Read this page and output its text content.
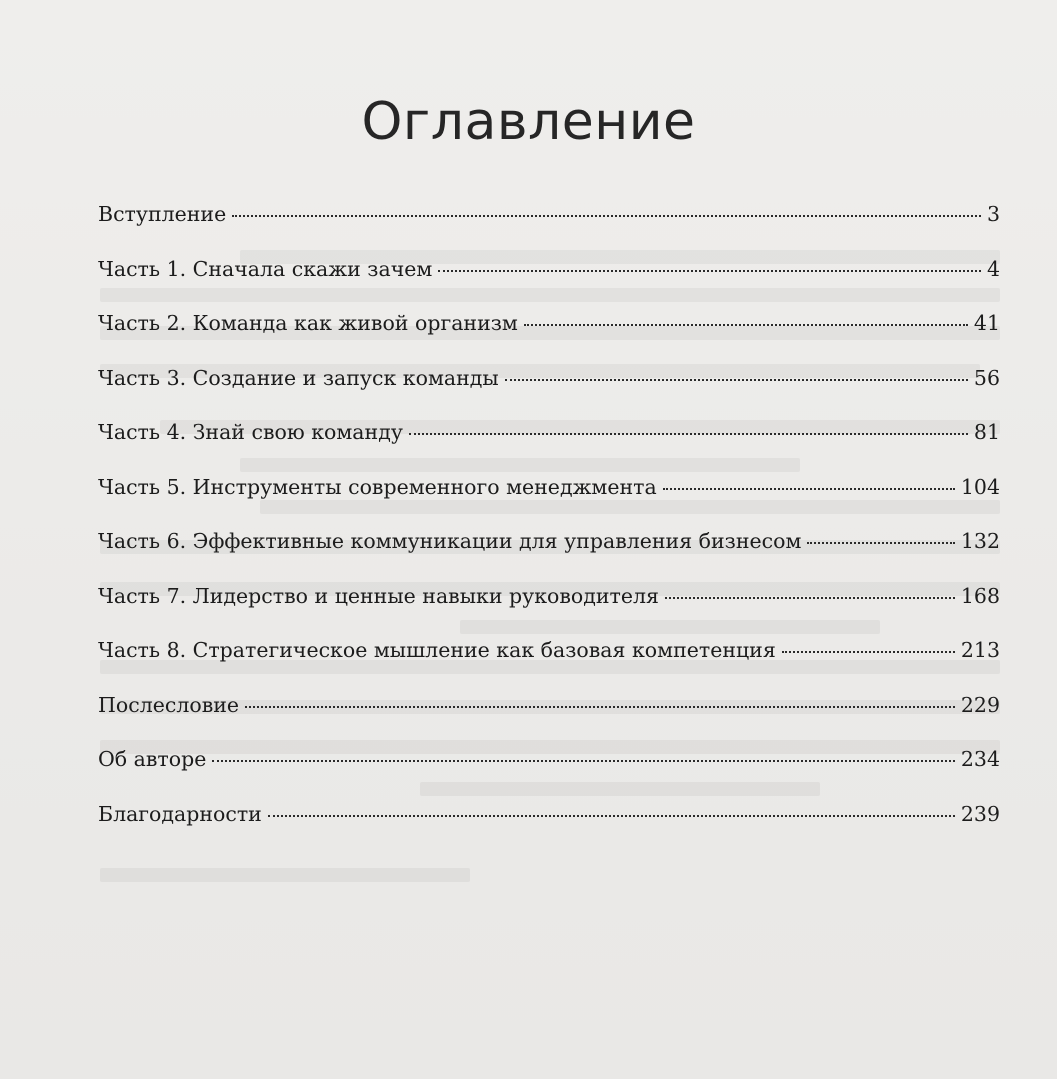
Оглавление
Вступление	3
Часть 1. Сначала скажи зачем	4
Часть 2. Команда как живой организм	41
Часть 3. Создание и запуск команды	56
Часть 4. Знай свою команду	81
Часть 5. Инструменты современного менеджмента	104
Часть 6. Эффективные коммуникации для управления бизнесом	132
Часть 7. Лидерство и ценные навыки руководителя	168
Часть 8. Стратегическое мышление как базовая компетенция	213
Послесловие	229
Об авторе	234
Благодарности	239
